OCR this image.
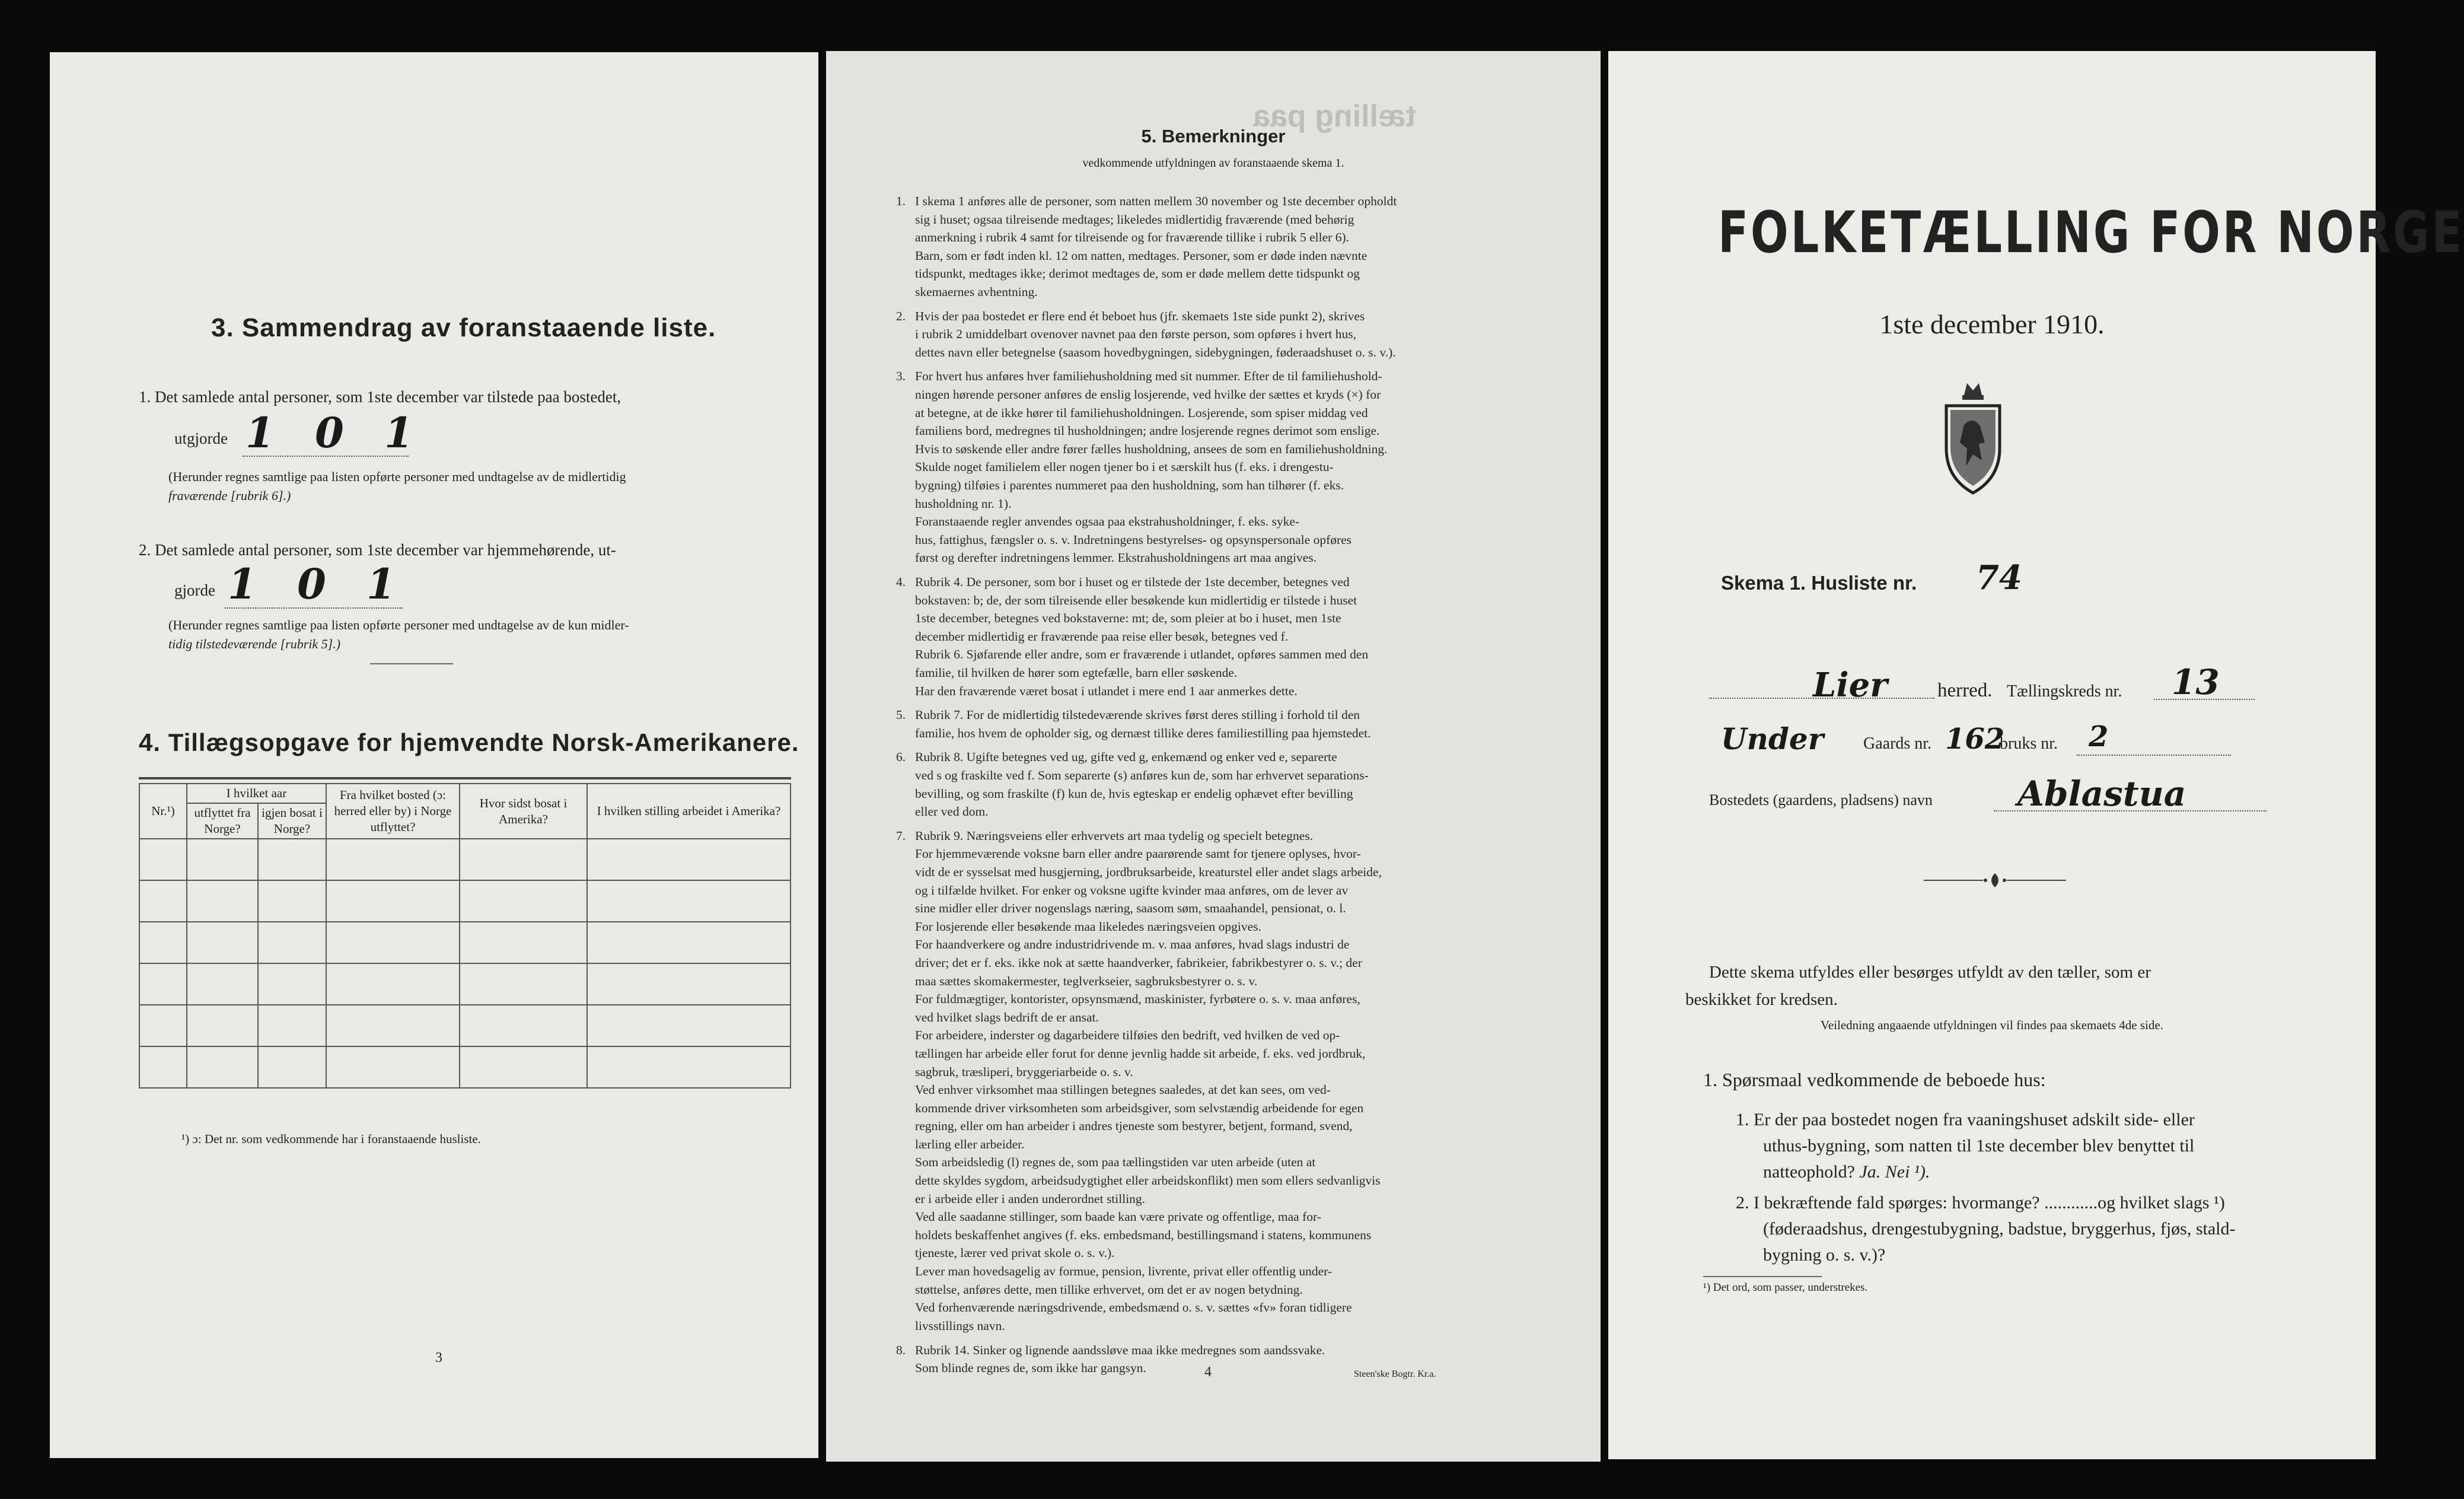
3. Sammendrag av foranstaaende liste.
1. Det samlede antal personer, som 1ste december var tilstede paa bostedet,
utgjorde 1 0 1
(Herunder regnes samtlige paa listen opførte personer med undtagelse av de midlertidig
fraværende [rubrik 6].)
2. Det samlede antal personer, som 1ste december var hjemmehørende, ut-
gjorde 1 0 1
(Herunder regnes samtlige paa listen opførte personer med undtagelse av de kun midler-
tidig tilstedeværende [rubrik 5].)
4. Tillægsopgave for hjemvendte Norsk-Amerikanere.
Nr.¹)	I hvilket aar		Fra hvilket bosted (ɔ: herred eller by) i Norge utflyttet?	Hvor sidst bosat i Amerika?	I hvilken stilling arbeidet i Amerika?
	utflyttet fra Norge?	igjen bosat i Norge?			

¹) ɔ: Det nr. som vedkommende har i foranstaaende husliste.
3
tælling paa
5. Bemerkninger
vedkommende utfyldningen av foranstaaende skema 1.
1. I skema 1 anføres alle de personer, som natten mellem 30 november og 1ste december opholdt

sig i huset; ogsaa tilreisende medtages; likeledes midlertidig fraværende (med behørig

anmerkning i rubrik 4 samt for tilreisende og for fraværende tillike i rubrik 5 eller 6).

Barn, som er født inden kl. 12 om natten, medtages. Personer, som er døde inden nævnte

tidspunkt, medtages ikke; derimot medtages de, som er døde mellem dette tidspunkt og

skemaernes avhentning.

2. Hvis der paa bostedet er flere end ét beboet hus (jfr. skemaets 1ste side punkt 2), skrives

i rubrik 2 umiddelbart ovenover navnet paa den første person, som opføres i hvert hus,

dettes navn eller betegnelse (saasom hovedbygningen, sidebygningen, føderaadshuset o. s. v.).

3. For hvert hus anføres hver familiehusholdning med sit nummer. Efter de til familiehushold-

ningen hørende personer anføres de enslig losjerende, ved hvilke der sættes et kryds (×) for

at betegne, at de ikke hører til familiehusholdningen. Losjerende, som spiser middag ved

familiens bord, medregnes til husholdningen; andre losjerende regnes derimot som enslige.

Hvis to søskende eller andre fører fælles husholdning, ansees de som en familiehusholdning.

Skulde noget familielem eller nogen tjener bo i et særskilt hus (f. eks. i drengestu-

bygning) tilføies i parentes nummeret paa den husholdning, som han tilhører (f. eks.

husholdning nr. 1).

Foranstaaende regler anvendes ogsaa paa ekstrahusholdninger, f. eks. syke-

hus, fattighus, fængsler o. s. v. Indretningens bestyrelses- og opsynspersonale opføres

først og derefter indretningens lemmer. Ekstrahusholdningens art maa angives.

4. Rubrik 4. De personer, som bor i huset og er tilstede der 1ste december, betegnes ved

bokstaven: b; de, der som tilreisende eller besøkende kun midlertidig er tilstede i huset

1ste december, betegnes ved bokstaverne: mt; de, som pleier at bo i huset, men 1ste

december midlertidig er fraværende paa reise eller besøk, betegnes ved f.

Rubrik 6. Sjøfarende eller andre, som er fraværende i utlandet, opføres sammen med den

familie, til hvilken de hører som egtefælle, barn eller søskende.

Har den fraværende været bosat i utlandet i mere end 1 aar anmerkes dette.

5. Rubrik 7. For de midlertidig tilstedeværende skrives først deres stilling i forhold til den

familie, hos hvem de opholder sig, og dernæst tillike deres familiestilling paa hjemstedet.

6. Rubrik 8. Ugifte betegnes ved ug, gifte ved g, enkemænd og enker ved e, separerte

ved s og fraskilte ved f. Som separerte (s) anføres kun de, som har erhvervet separations-

bevilling, og som fraskilte (f) kun de, hvis egteskap er endelig ophævet efter bevilling

eller ved dom.

7. Rubrik 9. Næringsveiens eller erhvervets art maa tydelig og specielt betegnes.

For hjemmeværende voksne barn eller andre paarørende samt for tjenere oplyses, hvor-

vidt de er sysselsat med husgjerning, jordbruksarbeide, kreaturstel eller andet slags arbeide,

og i tilfælde hvilket. For enker og voksne ugifte kvinder maa anføres, om de lever av

sine midler eller driver nogenslags næring, saasom søm, smaahandel, pensionat, o. l.

For losjerende eller besøkende maa likeledes næringsveien opgives.

For haandverkere og andre industridrivende m. v. maa anføres, hvad slags industri de

driver; det er f. eks. ikke nok at sætte haandverker, fabrikeier, fabrikbestyrer o. s. v.; der

maa sættes skomakermester, teglverkseier, sagbruksbestyrer o. s. v.

For fuldmægtiger, kontorister, opsynsmænd, maskinister, fyrbøtere o. s. v. maa anføres,

ved hvilket slags bedrift de er ansat.

For arbeidere, inderster og dagarbeidere tilføies den bedrift, ved hvilken de ved op-

tællingen har arbeide eller forut for denne jevnlig hadde sit arbeide, f. eks. ved jordbruk,

sagbruk, træsliperi, bryggeriarbeide o. s. v.

Ved enhver virksomhet maa stillingen betegnes saaledes, at det kan sees, om ved-

kommende driver virksomheten som arbeidsgiver, som selvstændig arbeidende for egen

regning, eller om han arbeider i andres tjeneste som bestyrer, betjent, formand, svend,

lærling eller arbeider.

Som arbeidsledig (l) regnes de, som paa tællingstiden var uten arbeide (uten at

dette skyldes sygdom, arbeidsudygtighet eller arbeidskonflikt) men som ellers sedvanligvis

er i arbeide eller i anden underordnet stilling.

Ved alle saadanne stillinger, som baade kan være private og offentlige, maa for-

holdets beskaffenhet angives (f. eks. embedsmand, bestillingsmand i statens, kommunens

tjeneste, lærer ved privat skole o. s. v.).

Lever man hovedsagelig av formue, pension, livrente, privat eller offentlig under-

støttelse, anføres dette, men tillike erhvervet, om det er av nogen betydning.

Ved forhenværende næringsdrivende, embedsmænd o. s. v. sættes «fv» foran tidligere

livsstillings navn.

8. Rubrik 14. Sinker og lignende aandssløve maa ikke medregnes som aandssvake.

Som blinde regnes de, som ikke har gangsyn.	4	Steen'ske Bogtr. Kr.a.
FOLKETÆLLING FOR NORGE
1ste december 1910.
Skema 1. Husliste nr. 74
Lier	herred. Tællingskreds nr. 13
Under Gaards nr. 162
bruks nr. 2
Bostedets (gaardens, pladsens) navn Ablastua
Dette skema utfyldes eller besørges utfyldt av den tæller, som er
beskikket for kredsen.
Veiledning angaaende utfyldningen vil findes paa skemaets 4de side.
1. Spørsmaal vedkommende de beboede hus:
1. Er der paa bostedet nogen fra vaaningshuset adskilt side- eller
uthus-bygning, som natten til 1ste december blev benyttet til
natteophold? Ja. Nei ¹).
2. I bekræftende fald spørges: hvormange? ............og hvilket slags ¹)
(føderaadshus, drengestubygning, badstue, bryggerhus, fjøs, stald-
bygning o. s. v.)?
¹) Det ord, som passer, understrekes.
